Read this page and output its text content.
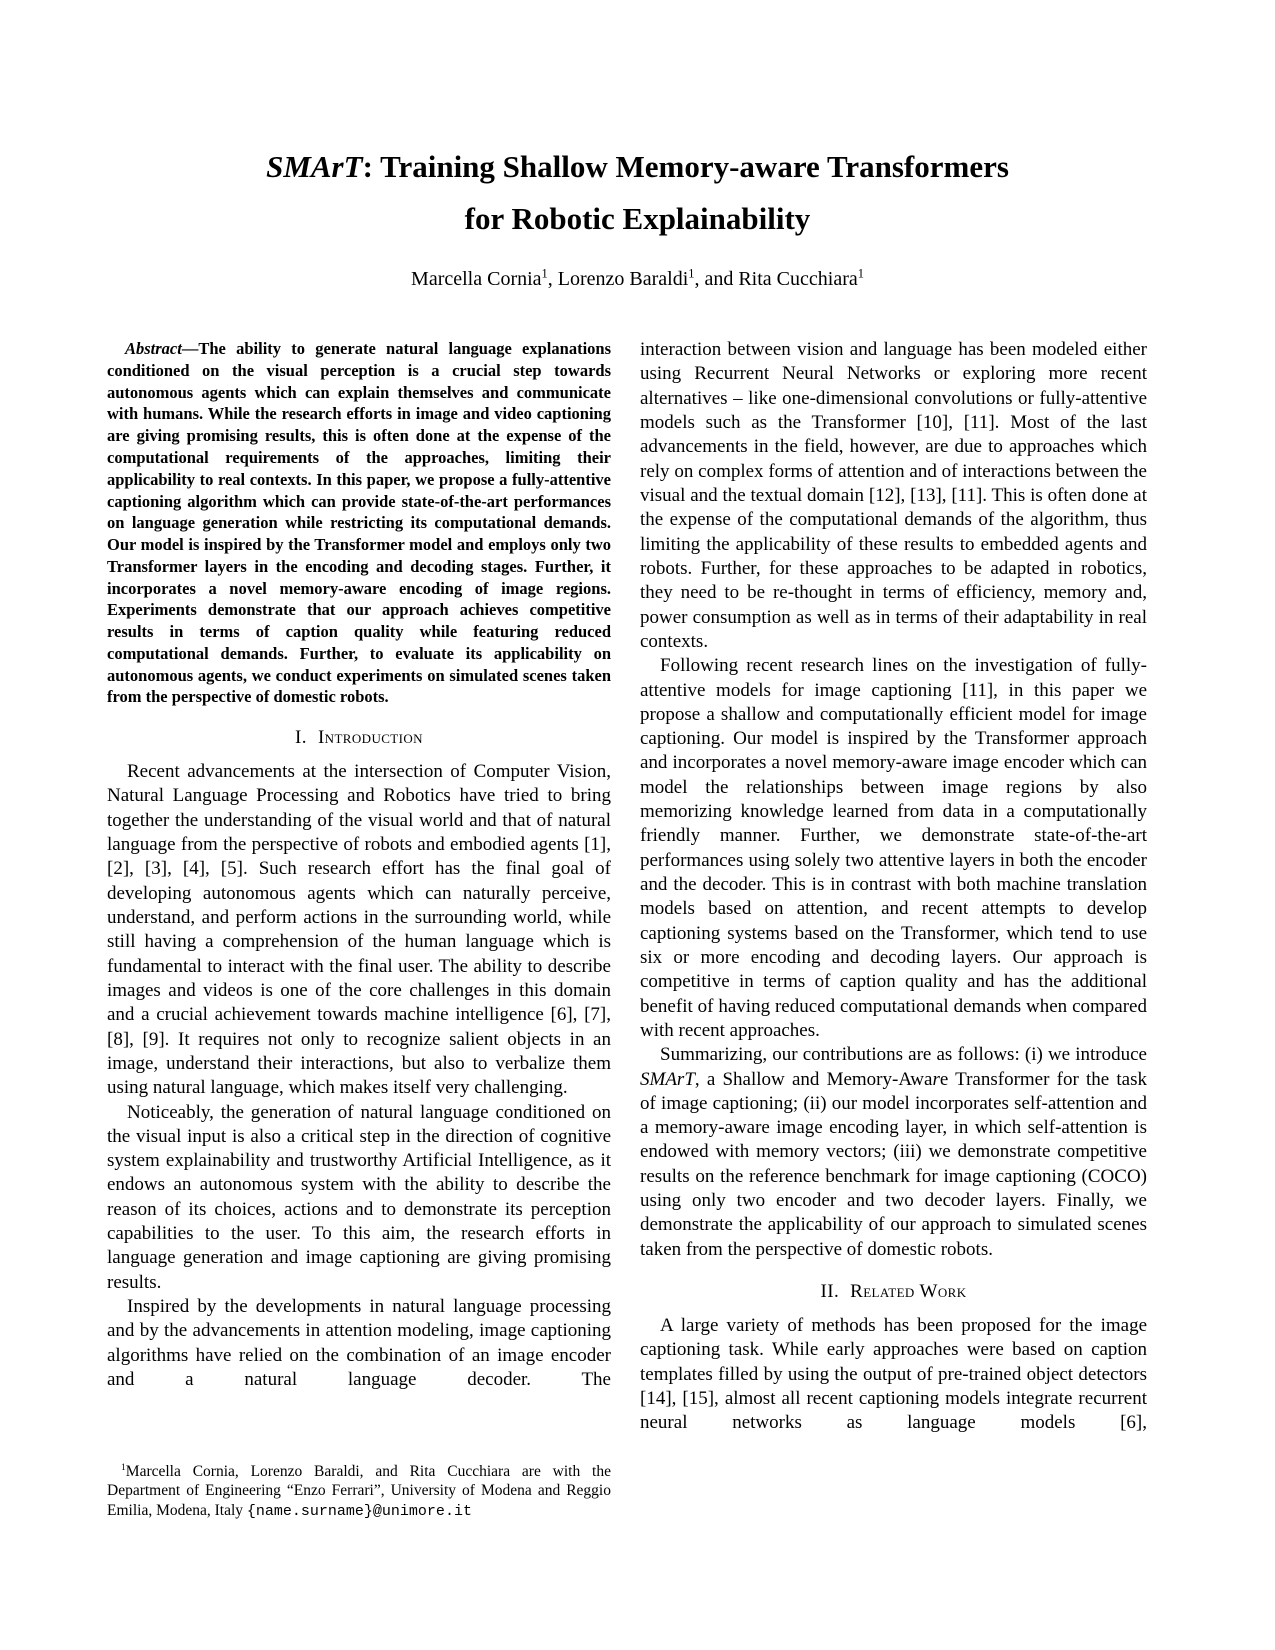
SMArT: Training Shallow Memory-aware Transformers
for Robotic Explainability
Marcella Cornia$^1$, Lorenzo Baraldi$^1$, and Rita Cucchiara$^1$

Abstract—The ability to generate natural language explanations conditioned on the visual perception is a crucial step towards autonomous agents which can explain themselves and communicate with humans. While the research efforts in image and video captioning are giving promising results, this is often done at the expense of the computational requirements of the approaches, limiting their applicability to real contexts. In this paper, we propose a fully-attentive captioning algorithm which can provide state-of-the-art performances on language generation while restricting its computational demands. Our model is inspired by the Transformer model and employs only two Transformer layers in the encoding and decoding stages. Further, it incorporates a novel memory-aware encoding of image regions. Experiments demonstrate that our approach achieves competitive results in terms of caption quality while featuring reduced computational demands. Further, to evaluate its applicability on autonomous agents, we conduct experiments on simulated scenes taken from the perspective of domestic robots.

I. Introduction

Recent advancements at the intersection of Computer Vision, Natural Language Processing and Robotics have tried to bring together the understanding of the visual world and that of natural language from the perspective of robots and embodied agents [1], [2], [3], [4], [5]. Such research effort has the final goal of developing autonomous agents which can naturally perceive, understand, and perform actions in the surrounding world, while still having a comprehension of the human language which is fundamental to interact with the final user. The ability to describe images and videos is one of the core challenges in this domain and a crucial achievement towards machine intelligence [6], [7], [8], [9]. It requires not only to recognize salient objects in an image, understand their interactions, but also to verbalize them using natural language, which makes itself very challenging.

Noticeably, the generation of natural language conditioned on the visual input is also a critical step in the direction of cognitive system explainability and trustworthy Artificial Intelligence, as it endows an autonomous system with the ability to describe the reason of its choices, actions and to demonstrate its perception capabilities to the user. To this aim, the research efforts in language generation and image captioning are giving promising results.

Inspired by the developments in natural language processing and by the advancements in attention modeling, image captioning algorithms have relied on the combination of an image encoder and a natural language decoder. The

$^1$Marcella Cornia, Lorenzo Baraldi, and Rita Cucchiara are with the Department of Engineering “Enzo Ferrari”, University of Modena and Reggio Emilia, Modena, Italy {name.surname}@unimore.it

interaction between vision and language has been modeled either using Recurrent Neural Networks or exploring more recent alternatives – like one-dimensional convolutions or fully-attentive models such as the Transformer [10], [11]. Most of the last advancements in the field, however, are due to approaches which rely on complex forms of attention and of interactions between the visual and the textual domain [12], [13], [11]. This is often done at the expense of the computational demands of the algorithm, thus limiting the applicability of these results to embedded agents and robots. Further, for these approaches to be adapted in robotics, they need to be re-thought in terms of efficiency, memory and, power consumption as well as in terms of their adaptability in real contexts.

Following recent research lines on the investigation of fully-attentive models for image captioning [11], in this paper we propose a shallow and computationally efficient model for image captioning. Our model is inspired by the Transformer approach and incorporates a novel memory-aware image encoder which can model the relationships between image regions by also memorizing knowledge learned from data in a computationally friendly manner. Further, we demonstrate state-of-the-art performances using solely two attentive layers in both the encoder and the decoder. This is in contrast with both machine translation models based on attention, and recent attempts to develop captioning systems based on the Transformer, which tend to use six or more encoding and decoding layers. Our approach is competitive in terms of caption quality and has the additional benefit of having reduced computational demands when compared with recent approaches.

Summarizing, our contributions are as follows: (i) we introduce SMArT, a Shallow and Memory-Aware Transformer for the task of image captioning; (ii) our model incorporates self-attention and a memory-aware image encoding layer, in which self-attention is endowed with memory vectors; (iii) we demonstrate competitive results on the reference benchmark for image captioning (COCO) using only two encoder and two decoder layers. Finally, we demonstrate the applicability of our approach to simulated scenes taken from the perspective of domestic robots.

II. Related Work

A large variety of methods has been proposed for the image captioning task. While early approaches were based on caption templates filled by using the output of pre-trained object detectors [14], [15], almost all recent captioning models integrate recurrent neural networks as language models [6],
